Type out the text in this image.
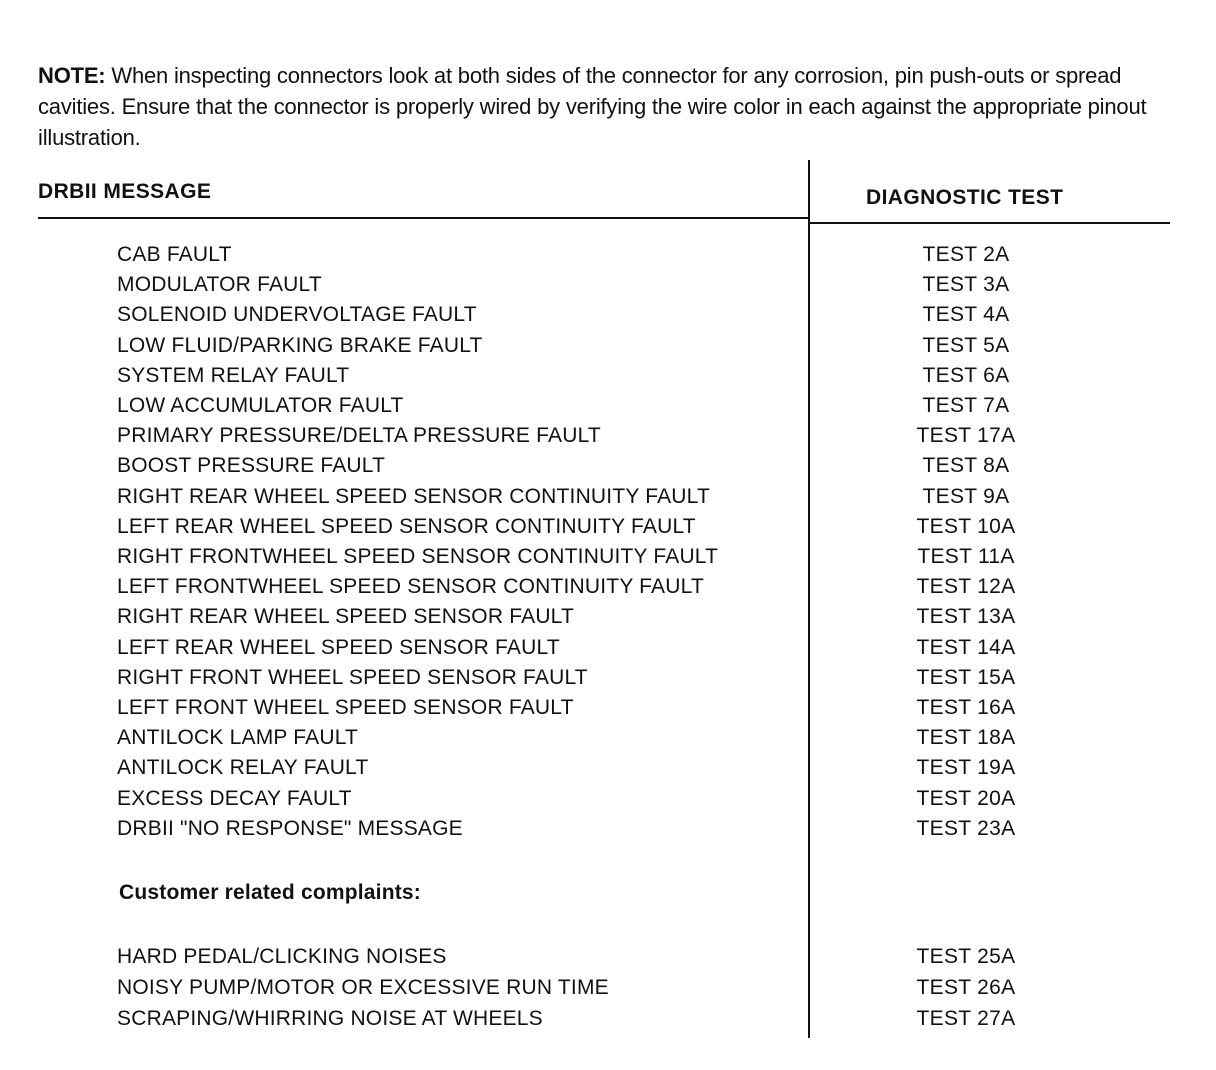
NOTE: When inspecting connectors look at both sides of the connector for any corrosion, pin push-outs or spread cavities. Ensure that the connector is properly wired by verifying the wire color in each against the appropriate pinout illustration.
DRBII MESSAGE	DIAGNOSTIC TEST
CAB FAULT	TEST 2A
MODULATOR FAULT	TEST 3A
SOLENOID UNDERVOLTAGE FAULT	TEST 4A
LOW FLUID/PARKING BRAKE FAULT	TEST 5A
SYSTEM RELAY FAULT	TEST 6A
LOW ACCUMULATOR FAULT	TEST 7A
PRIMARY PRESSURE/DELTA PRESSURE FAULT	TEST 17A
BOOST PRESSURE FAULT	TEST 8A
RIGHT REAR WHEEL SPEED SENSOR CONTINUITY FAULT	TEST 9A
LEFT REAR WHEEL SPEED SENSOR CONTINUITY FAULT	TEST 10A
RIGHT FRONTWHEEL SPEED SENSOR CONTINUITY FAULT	TEST 11A
LEFT FRONTWHEEL SPEED SENSOR CONTINUITY FAULT	TEST 12A
RIGHT REAR WHEEL SPEED SENSOR FAULT	TEST 13A
LEFT REAR WHEEL SPEED SENSOR FAULT	TEST 14A
RIGHT FRONT WHEEL SPEED SENSOR FAULT	TEST 15A
LEFT FRONT WHEEL SPEED SENSOR FAULT	TEST 16A
ANTILOCK LAMP FAULT	TEST 18A
ANTILOCK RELAY FAULT	TEST 19A
EXCESS DECAY FAULT	TEST 20A
DRBII "NO RESPONSE" MESSAGE	TEST 23A
Customer related complaints:
HARD PEDAL/CLICKING NOISES	TEST 25A
NOISY PUMP/MOTOR OR EXCESSIVE RUN TIME	TEST 26A
SCRAPING/WHIRRING NOISE AT WHEELS	TEST 27A
